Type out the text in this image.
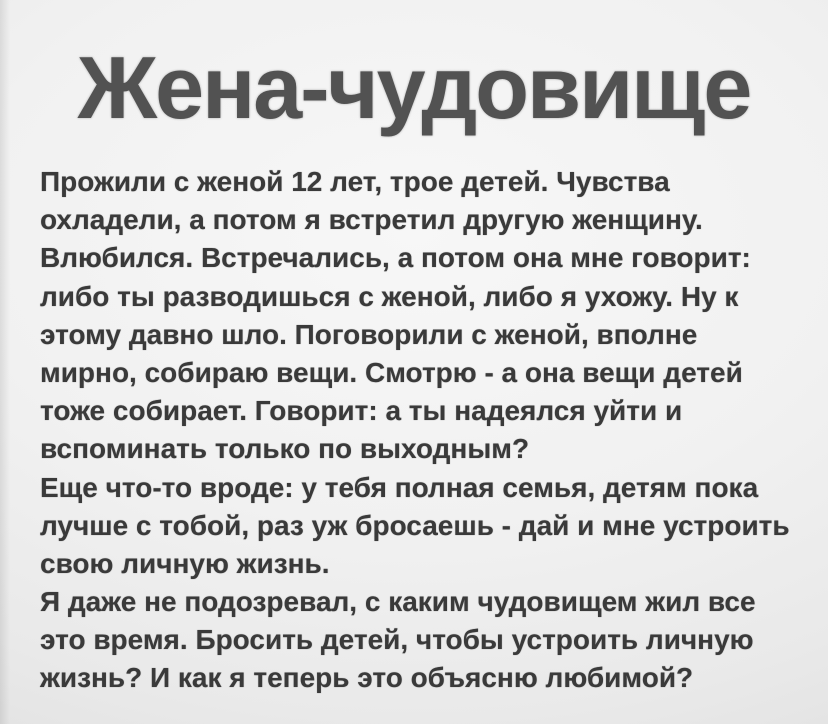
Жена-чудовище
Прожили с женой 12 лет, трое детей. Чувства
охладели, а потом я встретил другую женщину.
Влюбился. Встречались, а потом она мне говорит:
либо ты разводишься с женой, либо я ухожу. Ну к
этому давно шло. Поговорили с женой, вполне
мирно, собираю вещи. Смотрю - а она вещи детей
тоже собирает. Говорит: а ты надеялся уйти и
вспоминать только по выходным?
Еще что-то вроде: у тебя полная семья, детям пока
лучше с тобой, раз уж бросаешь - дай и мне устроить
свою личную жизнь.
Я даже не подозревал, с каким чудовищем жил все
это время. Бросить детей, чтобы устроить личную
жизнь? И как я теперь это объясню любимой?
